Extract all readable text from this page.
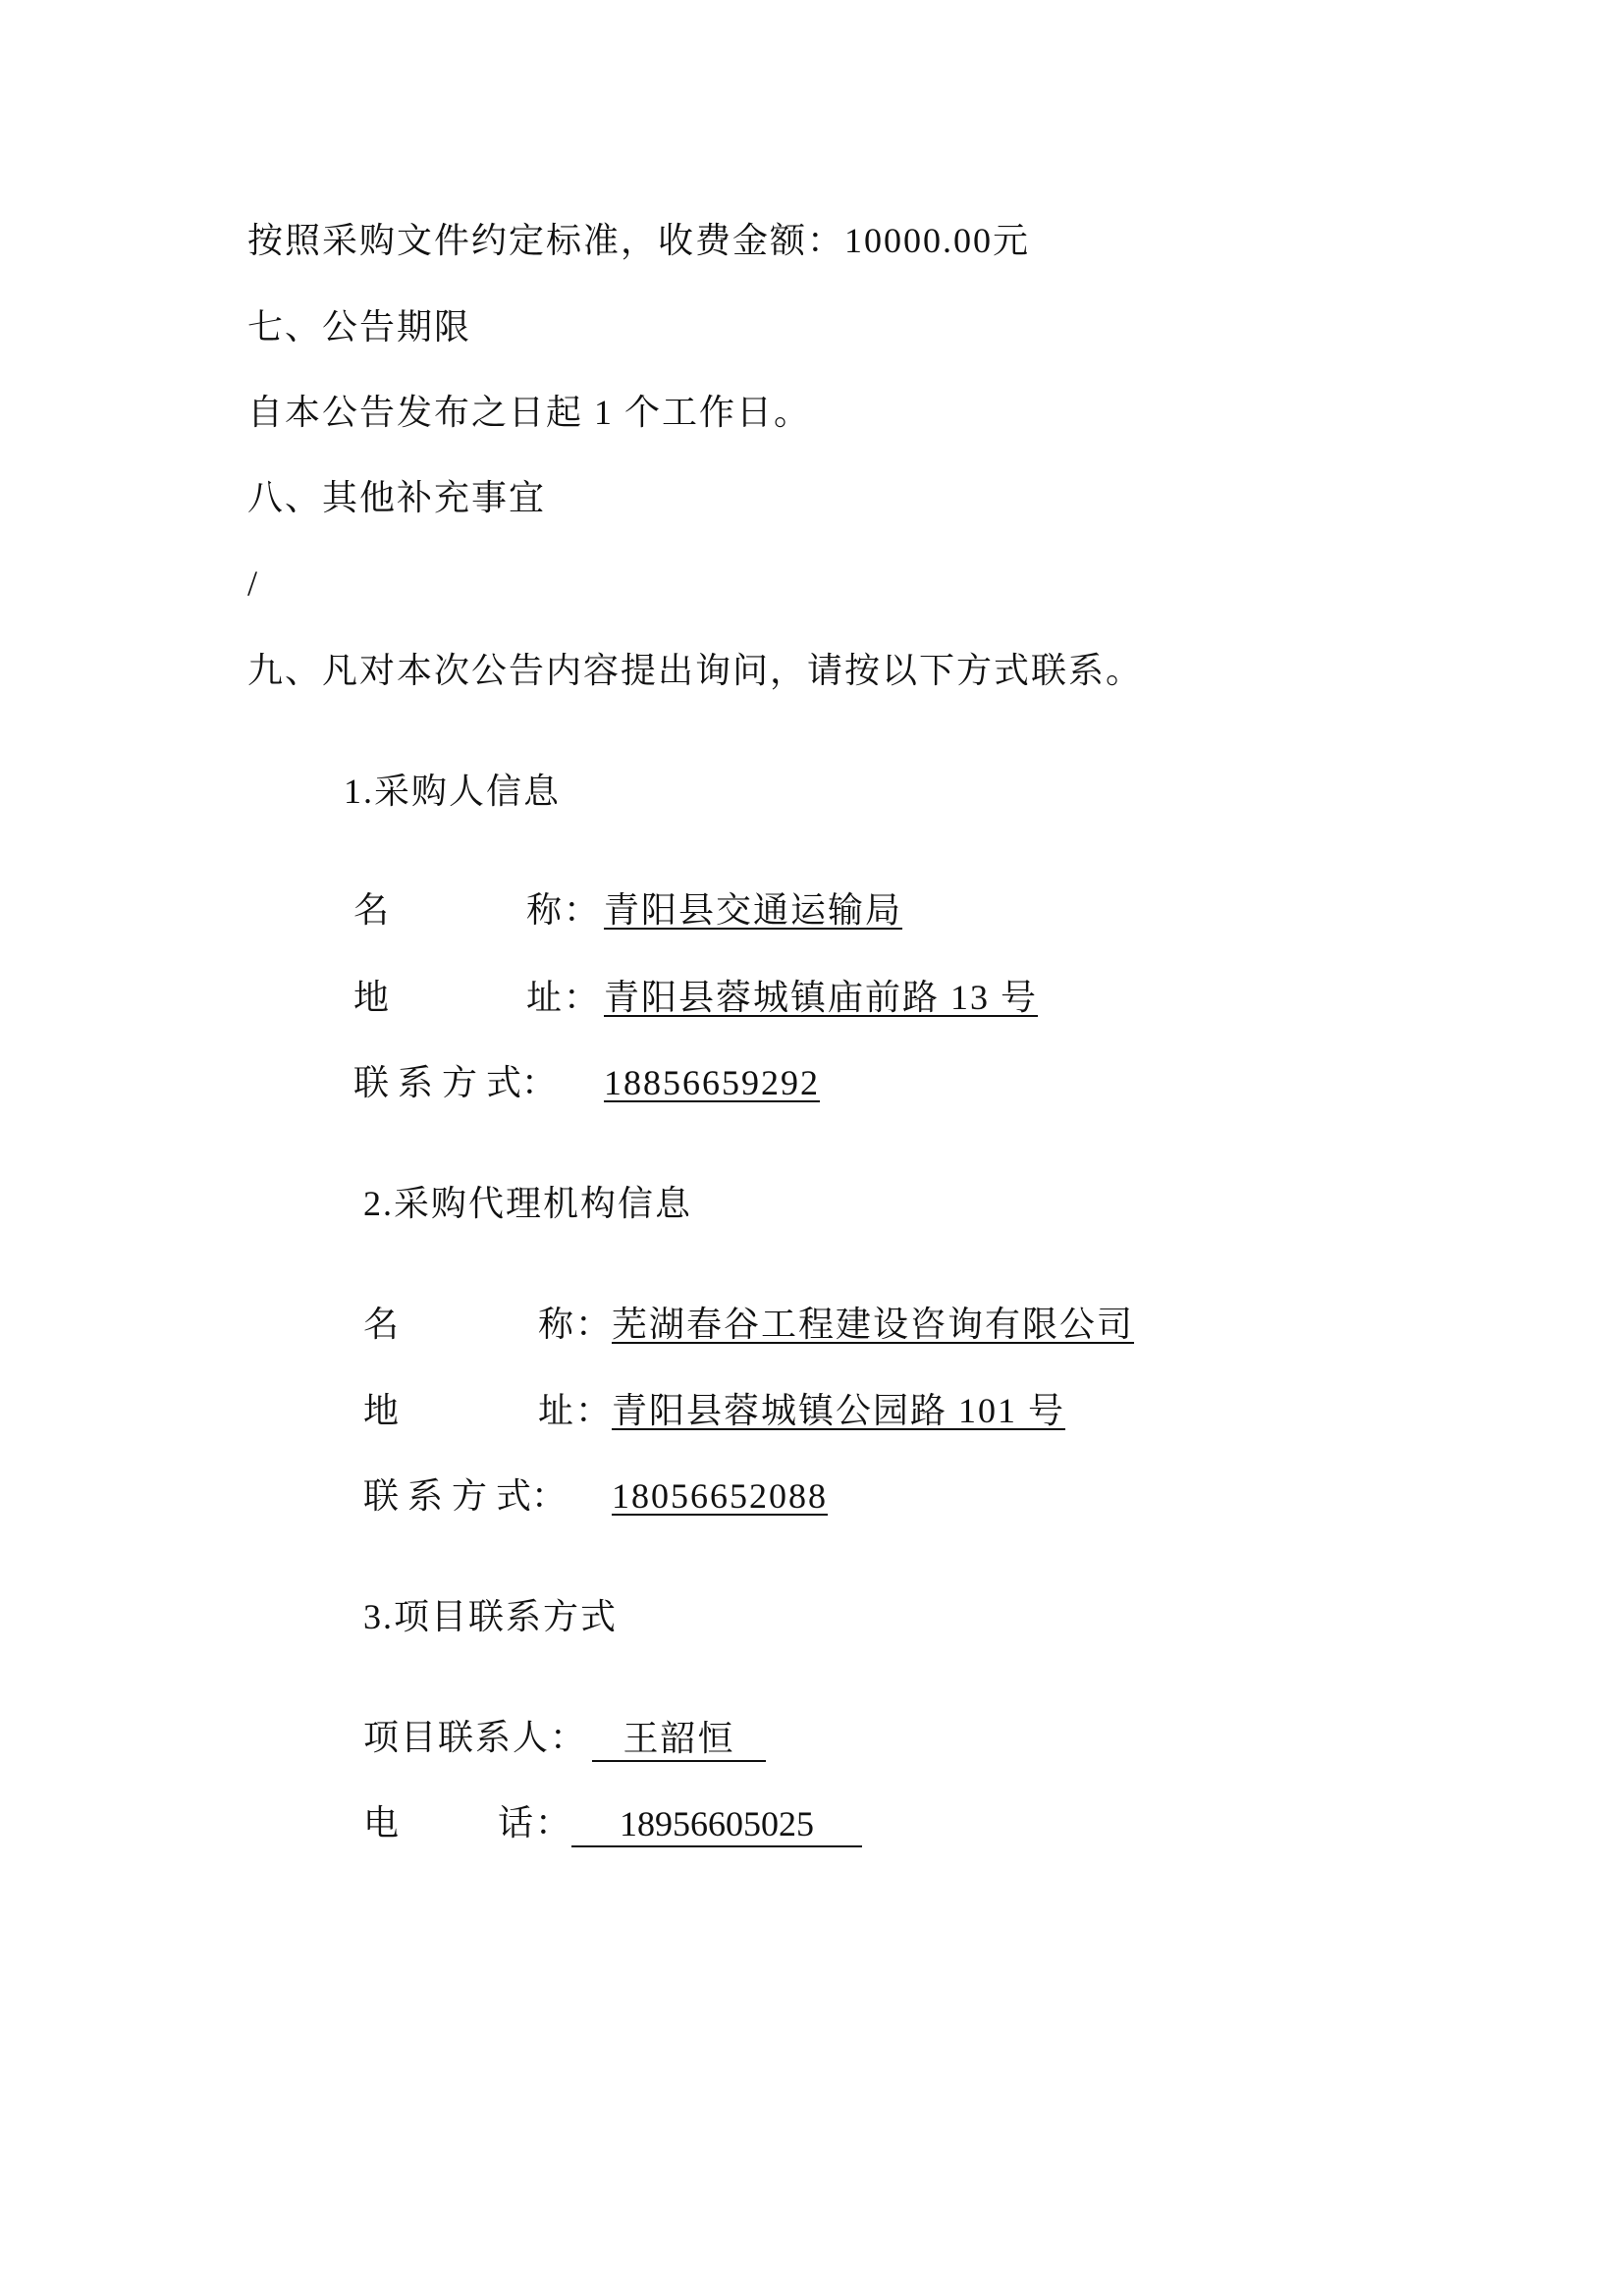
按照采购文件约定标准，收费金额：10000.00元
七、公告期限
自本公告发布之日起 1 个工作日。
八、其他补充事宜
/
九、凡对本次公告内容提出询问，请按以下方式联系。
1.采购人信息
名	称： 青阳县交通运输局
地	址： 青阳县蓉城镇庙前路 13 号
联 系 方 式： 18856659292
2.采购代理机构信息
名	称：
芜湖春谷工程建设咨询有限公司
地	址：
青阳县蓉城镇公园路 101 号
联 系 方 式： 18056652088
3.项目联系方式
项目联系人：	王韶恒
电	话：	18956605025
